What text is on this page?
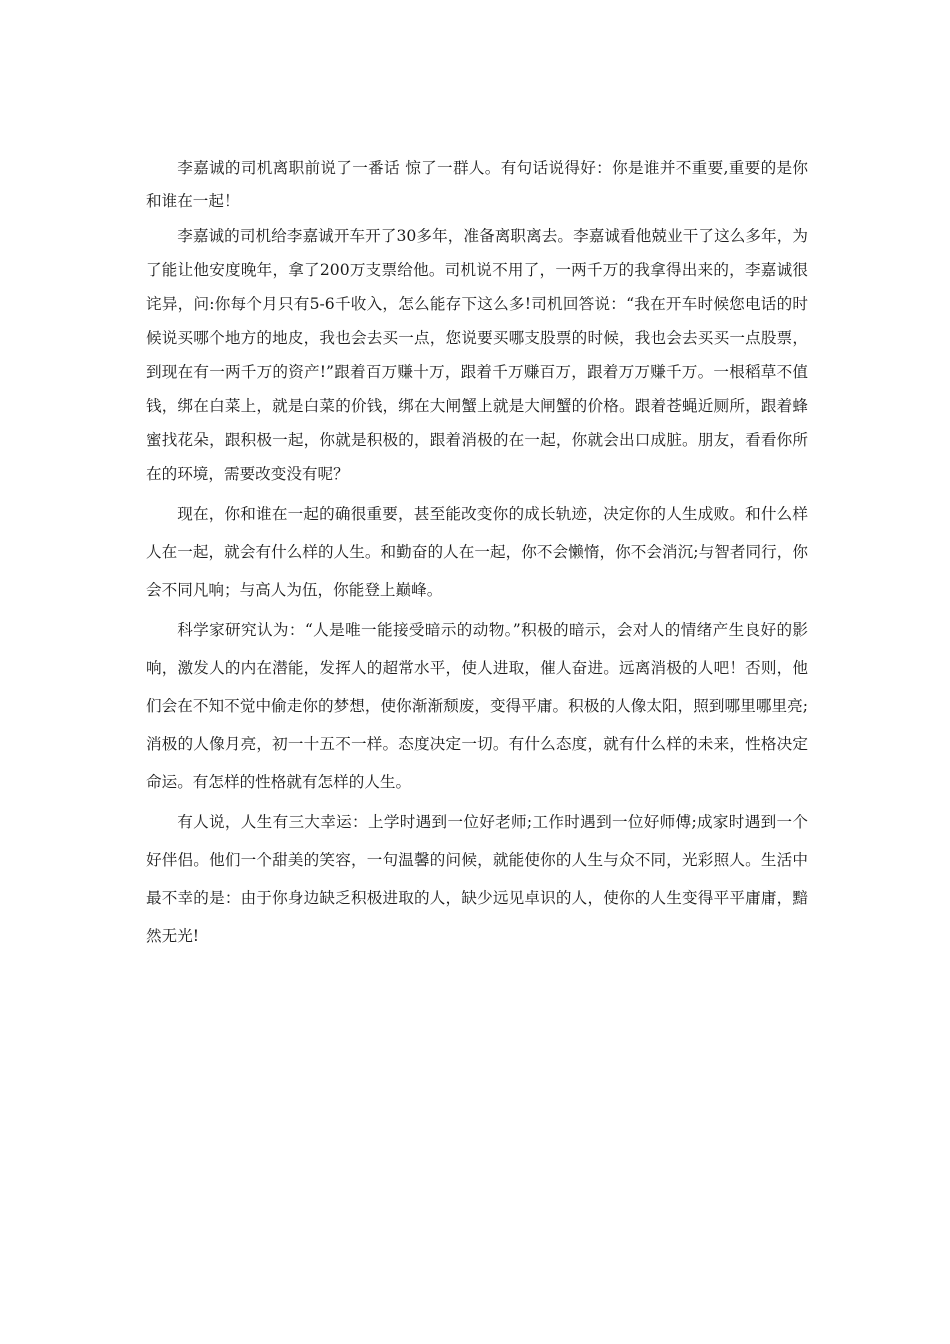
李嘉诚的司机离职前说了一番话 惊了一群人。有句话说得好：你是谁并不重要,重要的是你和谁在一起！

李嘉诚的司机给李嘉诚开车开了30多年，准备离职离去。李嘉诚看他兢业干了这么多年，为了能让他安度晚年，拿了200万支票给他。司机说不用了，一两千万的我拿得出来的，李嘉诚很诧异，问:你每个月只有5-6千收入，怎么能存下这么多!司机回答说：“我在开车时候您电话的时候说买哪个地方的地皮，我也会去买一点，您说要买哪支股票的时候，我也会去买买一点股票，到现在有一两千万的资产!”跟着百万赚十万，跟着千万赚百万，跟着万万赚千万。一根稻草不值钱，绑在白菜上，就是白菜的价钱，绑在大闸蟹上就是大闸蟹的价格。跟着苍蝇近厕所，跟着蜂蜜找花朵，跟积极一起，你就是积极的，跟着消极的在一起，你就会出口成脏。朋友，看看你所在的环境，需要改变没有呢？

现在，你和谁在一起的确很重要，甚至能改变你的成长轨迹，决定你的人生成败。和什么样人在一起，就会有什么样的人生。和勤奋的人在一起，你不会懒惰，你不会消沉;与智者同行，你会不同凡响；与高人为伍，你能登上巅峰。

科学家研究认为：“人是唯一能接受暗示的动物。”积极的暗示，会对人的情绪产生良好的影响，激发人的内在潜能，发挥人的超常水平，使人进取，催人奋进。远离消极的人吧！否则，他们会在不知不觉中偷走你的梦想，使你渐渐颓废，变得平庸。积极的人像太阳，照到哪里哪里亮;消极的人像月亮，初一十五不一样。态度决定一切。有什么态度，就有什么样的未来，性格决定命运。有怎样的性格就有怎样的人生。

有人说，人生有三大幸运：上学时遇到一位好老师;工作时遇到一位好师傅;成家时遇到一个好伴侣。他们一个甜美的笑容，一句温馨的问候，就能使你的人生与众不同，光彩照人。生活中最不幸的是：由于你身边缺乏积极进取的人，缺少远见卓识的人，使你的人生变得平平庸庸，黯然无光!
